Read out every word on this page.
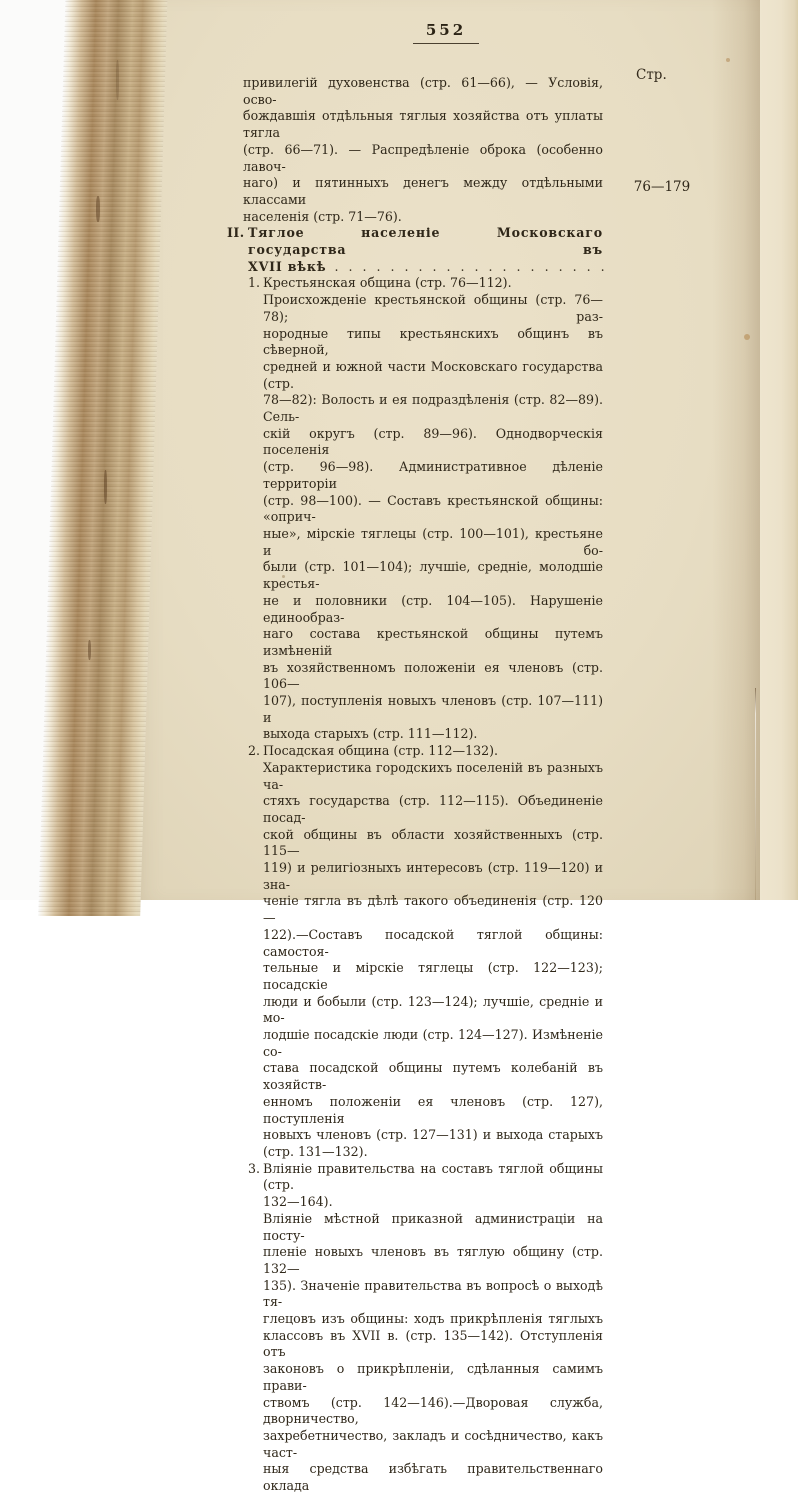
552
Стр.
76—179
привилегій духовенства (стр. 61—66), — Условія, осво-
бождавшія отдѣльныя тяглыя хозяйства отъ уплаты тягла
(стр. 66—71). — Распредѣленіе оброка (особенно лавоч-
наго) и пятинныхъ денегъ между отдѣльными классами
населенія (стр. 71—76).
II. Тяглое населеніе Московскаго государства въ
XVII вѣкѣ . . . . . . . . . . . . . . . . . . . .
1. Крестьянская община (стр. 76—112).
Происхожденіе крестьянской общины (стр. 76—78); раз-
нородные типы крестьянскихъ общинъ въ сѣверной,
средней и южной части Московскаго государства (стр.
78—82): Волость и ея подраздѣленія (стр. 82—89). Сель-
скій округъ (стр. 89—96). Однодворческія поселенія
(стр. 96—98). Административное дѣленіе территоріи
(стр. 98—100). — Составъ крестьянской общины: «оприч-
ные», мірскіе тяглецы (стр. 100—101), крестьяне и бо-
были (стр. 101—104); лучшіе, средніе, молодшіе крестья-
не и половники (стр. 104—105). Нарушеніе единообраз-
наго состава крестьянской общины путемъ измѣненій
въ хозяйственномъ положеніи ея членовъ (стр. 106—
107), поступленія новыхъ членовъ (стр. 107—111) и
выхода старыхъ (стр. 111—112).
2. Посадская община (стр. 112—132).
Характеристика городскихъ поселеній въ разныхъ ча-
стяхъ государства (стр. 112—115). Объединеніе посад-
ской общины въ области хозяйственныхъ (стр. 115—
119) и религіозныхъ интересовъ (стр. 119—120) и зна-
ченіе тягла въ дѣлѣ такого объединенія (стр. 120—
122).—Составъ посадской тяглой общины: самостоя-
тельные и мірскіе тяглецы (стр. 122—123); посадскіе
люди и бобыли (стр. 123—124); лучшіе, средніе и мо-
лодшіе посадскіе люди (стр. 124—127). Измѣненіе со-
става посадской общины путемъ колебаній въ хозяйств-
енномъ положеніи ея членовъ (стр. 127), поступленія
новыхъ членовъ (стр. 127—131) и выхода старыхъ
(стр. 131—132).
3. Вліяніе правительства на составъ тяглой общины (стр.
132—164).
Вліяніе мѣстной приказной администраціи на посту-
пленіе новыхъ членовъ въ тяглую общину (стр. 132—
135). Значеніе правительства въ вопросѣ о выходѣ тя-
глецовъ изъ общины: ходъ прикрѣпленія тяглыхъ
классовъ въ XVII в. (стр. 135—142). Отступленія отъ
законовъ о прикрѣпленіи, сдѣланныя самимъ прави-
ствомъ (стр. 142—146).—Дворовая служба, дворничество,
захребетничество, закладъ и сосѣдничество, какъ част-
ныя средства избѣгать правительственнаго оклада
